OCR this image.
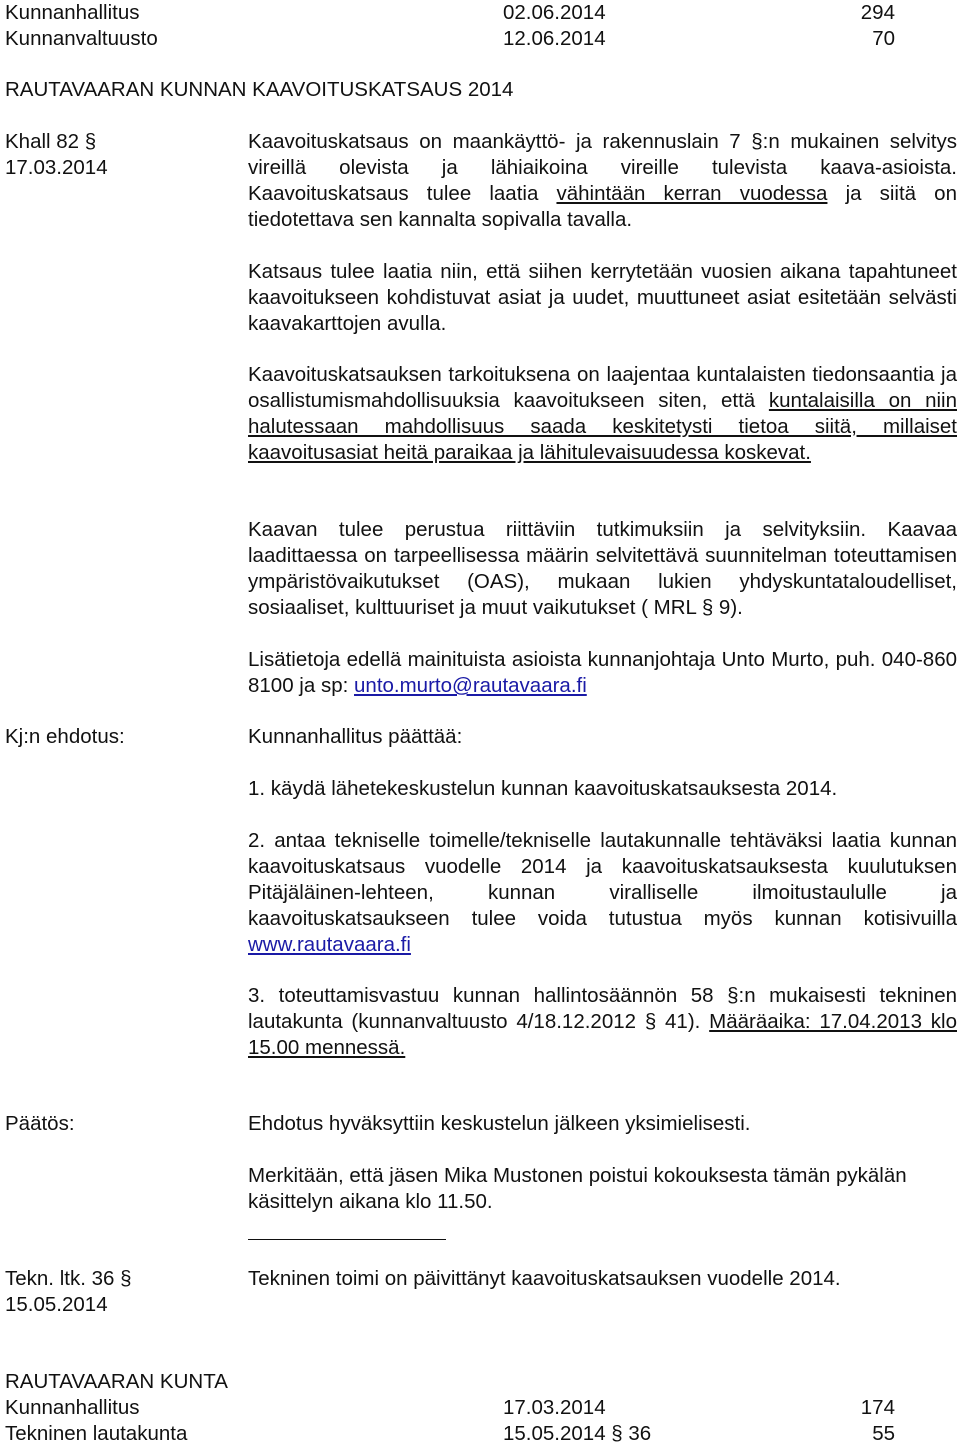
Kunnanhallitus	02.06.2014	294
Kunnanvaltuusto	12.06.2014	70
RAUTAVAARAN KUNNAN KAAVOITUSKATSAUS 2014
Khall 82 §
17.03.2014
Kaavoituskatsaus on maankäyttö- ja rakennuslain 7 §:n mukainen selvitys vireillä olevista ja lähiaikoina vireille tulevista kaava-asioista. Kaavoituskatsaus tulee laatia vähintään kerran vuodessa ja siitä on tiedotettava sen kannalta sopivalla tavalla.
Katsaus tulee laatia niin, että siihen kerrytetään vuosien aikana tapahtuneet kaavoitukseen kohdistuvat asiat ja uudet, muuttuneet asiat esitetään selvästi kaavakarttojen avulla.
Kaavoituskatsauksen tarkoituksena on laajentaa kuntalaisten tiedonsaantia ja osallistumismahdollisuuksia kaavoitukseen siten, että kuntalaisilla on niin halutessaan mahdollisuus saada keskitetysti tietoa siitä, millaiset kaavoitusasiat heitä paraikaa ja lähitulevaisuudessa koskevat.
Kaavan tulee perustua riittäviin tutkimuksiin ja selvityksiin. Kaavaa laadittaessa on tarpeellisessa määrin selvitettävä suunnitelman toteuttamisen ympäristövaikutukset (OAS), mukaan lukien yhdyskuntataloudelliset, sosiaaliset, kulttuuriset ja muut vaikutukset ( MRL § 9).
Lisätietoja edellä mainituista asioista kunnanjohtaja Unto Murto, puh. 040-860 8100 ja sp: unto.murto@rautavaara.fi
Kj:n ehdotus:	Kunnanhallitus päättää:
1. käydä lähetekeskustelun kunnan kaavoituskatsauksesta 2014.
2. antaa tekniselle toimelle/tekniselle lautakunnalle tehtäväksi laatia kunnan kaavoituskatsaus vuodelle 2014 ja kaavoituskatsauksesta kuulutuksen Pitäjäläinen-lehteen, kunnan viralliselle ilmoitustaululle ja kaavoituskatsaukseen tulee voida tutustua myös kunnan kotisivuilla www.rautavaara.fi
3. toteuttamisvastuu kunnan hallintosäännön 58 §:n mukaisesti tekninen lautakunta (kunnanvaltuusto 4/18.12.2012 § 41). Määräaika: 17.04.2013 klo 15.00 mennessä.
Päätös:	Ehdotus hyväksyttiin keskustelun jälkeen yksimielisesti.
Merkitään, että jäsen Mika Mustonen poistui kokouksesta tämän pykälän käsittelyn aikana klo 11.50.
Tekn. ltk. 36 §
15.05.2014
Tekninen toimi on päivittänyt kaavoituskatsauksen vuodelle 2014.
RAUTAVAARAN KUNTA
Kunnanhallitus	17.03.2014	174
Tekninen lautakunta	15.05.2014 § 36	55
